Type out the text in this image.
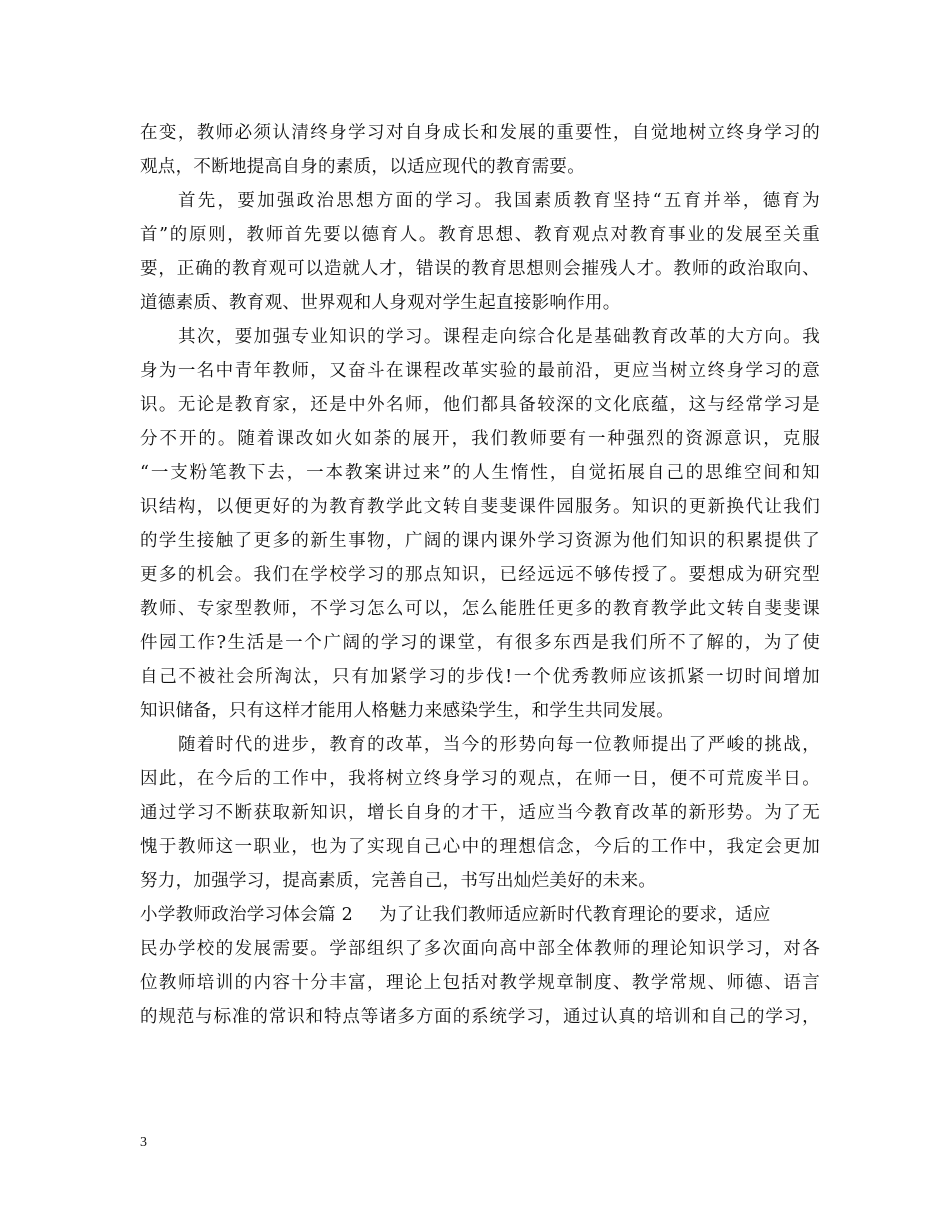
在变，教师必须认清终身学习对自身成长和发展的重要性，自觉地树立终身学习的
观点，不断地提高自身的素质，以适应现代的教育需要。
首先，要加强政治思想方面的学习。我国素质教育坚持“五育并举，德育为
首”的原则，教师首先要以德育人。教育思想、教育观点对教育事业的发展至关重
要，正确的教育观可以造就人才，错误的教育思想则会摧残人才。教师的政治取向、
道德素质、教育观、世界观和人身观对学生起直接影响作用。
其次，要加强专业知识的学习。课程走向综合化是基础教育改革的大方向。我
身为一名中青年教师，又奋斗在课程改革实验的最前沿，更应当树立终身学习的意
识。无论是教育家，还是中外名师，他们都具备较深的文化底蕴，这与经常学习是
分不开的。随着课改如火如荼的展开，我们教师要有一种强烈的资源意识，克服
“一支粉笔教下去，一本教案讲过来”的人生惰性，自觉拓展自己的思维空间和知
识结构，以便更好的为教育教学此文转自斐斐课件园服务。知识的更新换代让我们
的学生接触了更多的新生事物，广阔的课内课外学习资源为他们知识的积累提供了
更多的机会。我们在学校学习的那点知识，已经远远不够传授了。要想成为研究型
教师、专家型教师，不学习怎么可以，怎么能胜任更多的教育教学此文转自斐斐课
件园工作?生活是一个广阔的学习的课堂，有很多东西是我们所不了解的，为了使
自己不被社会所淘汰，只有加紧学习的步伐!一个优秀教师应该抓紧一切时间增加
知识储备，只有这样才能用人格魅力来感染学生，和学生共同发展。
随着时代的进步，教育的改革，当今的形势向每一位教师提出了严峻的挑战，
因此，在今后的工作中，我将树立终身学习的观点，在师一日，便不可荒废半日。
通过学习不断获取新知识，增长自身的才干，适应当今教育改革的新形势。为了无
愧于教师这一职业，也为了实现自己心中的理想信念，今后的工作中，我定会更加
努力，加强学习，提高素质，完善自己，书写出灿烂美好的未来。
小学教师政治学习体会篇 2 为了让我们教师适应新时代教育理论的要求，适应
民办学校的发展需要。学部组织了多次面向高中部全体教师的理论知识学习，对各
位教师培训的内容十分丰富，理论上包括对教学规章制度、教学常规、师德、语言
的规范与标准的常识和特点等诸多方面的系统学习，通过认真的培训和自己的学习，
3
